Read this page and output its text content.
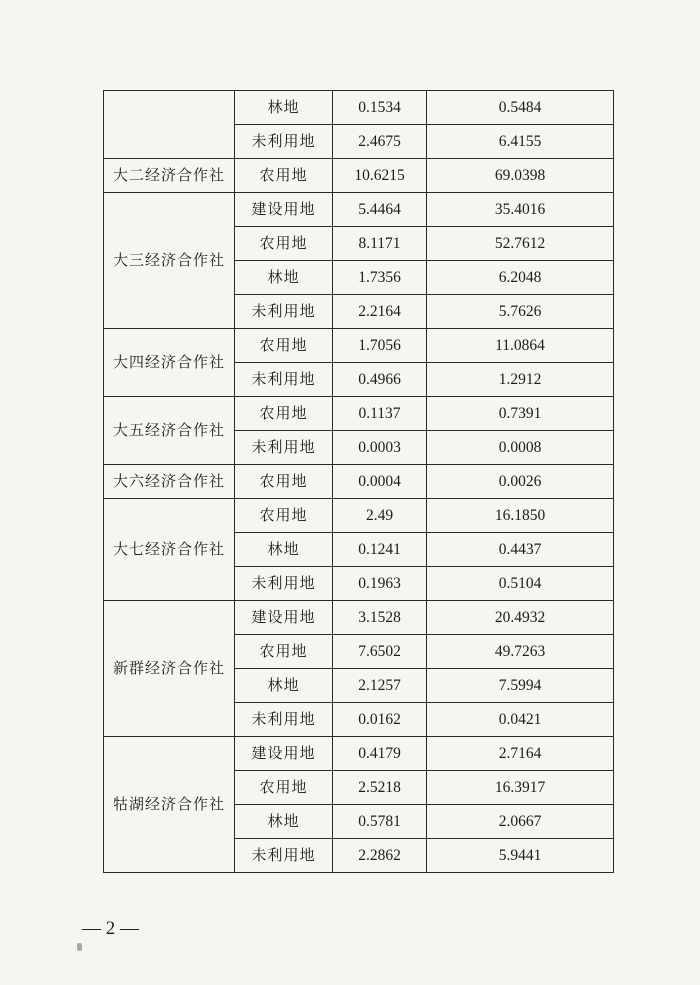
	林地	0.1534	0.5484
	未利用地	2.4675	6.4155
大二经济合作社	农用地	10.6215	69.0398
大三经济合作社	建设用地	5.4464	35.4016
	农用地	8.1171	52.7612
	林地	1.7356	6.2048
	未利用地	2.2164	5.7626
大四经济合作社	农用地	1.7056	11.0864
	未利用地	0.4966	1.2912
大五经济合作社	农用地	0.1137	0.7391
	未利用地	0.0003	0.0008
大六经济合作社	农用地	0.0004	0.0026
大七经济合作社	农用地	2.49	16.1850
	林地	0.1241	0.4437
	未利用地	0.1963	0.5104
新群经济合作社	建设用地	3.1528	20.4932
	农用地	7.6502	49.7263
	林地	2.1257	7.5994
	未利用地	0.0162	0.0421
牯湖经济合作社	建设用地	0.4179	2.7164
	农用地	2.5218	16.3917
	林地	0.5781	2.0667
	未利用地	2.2862	5.9441
— 2 —
